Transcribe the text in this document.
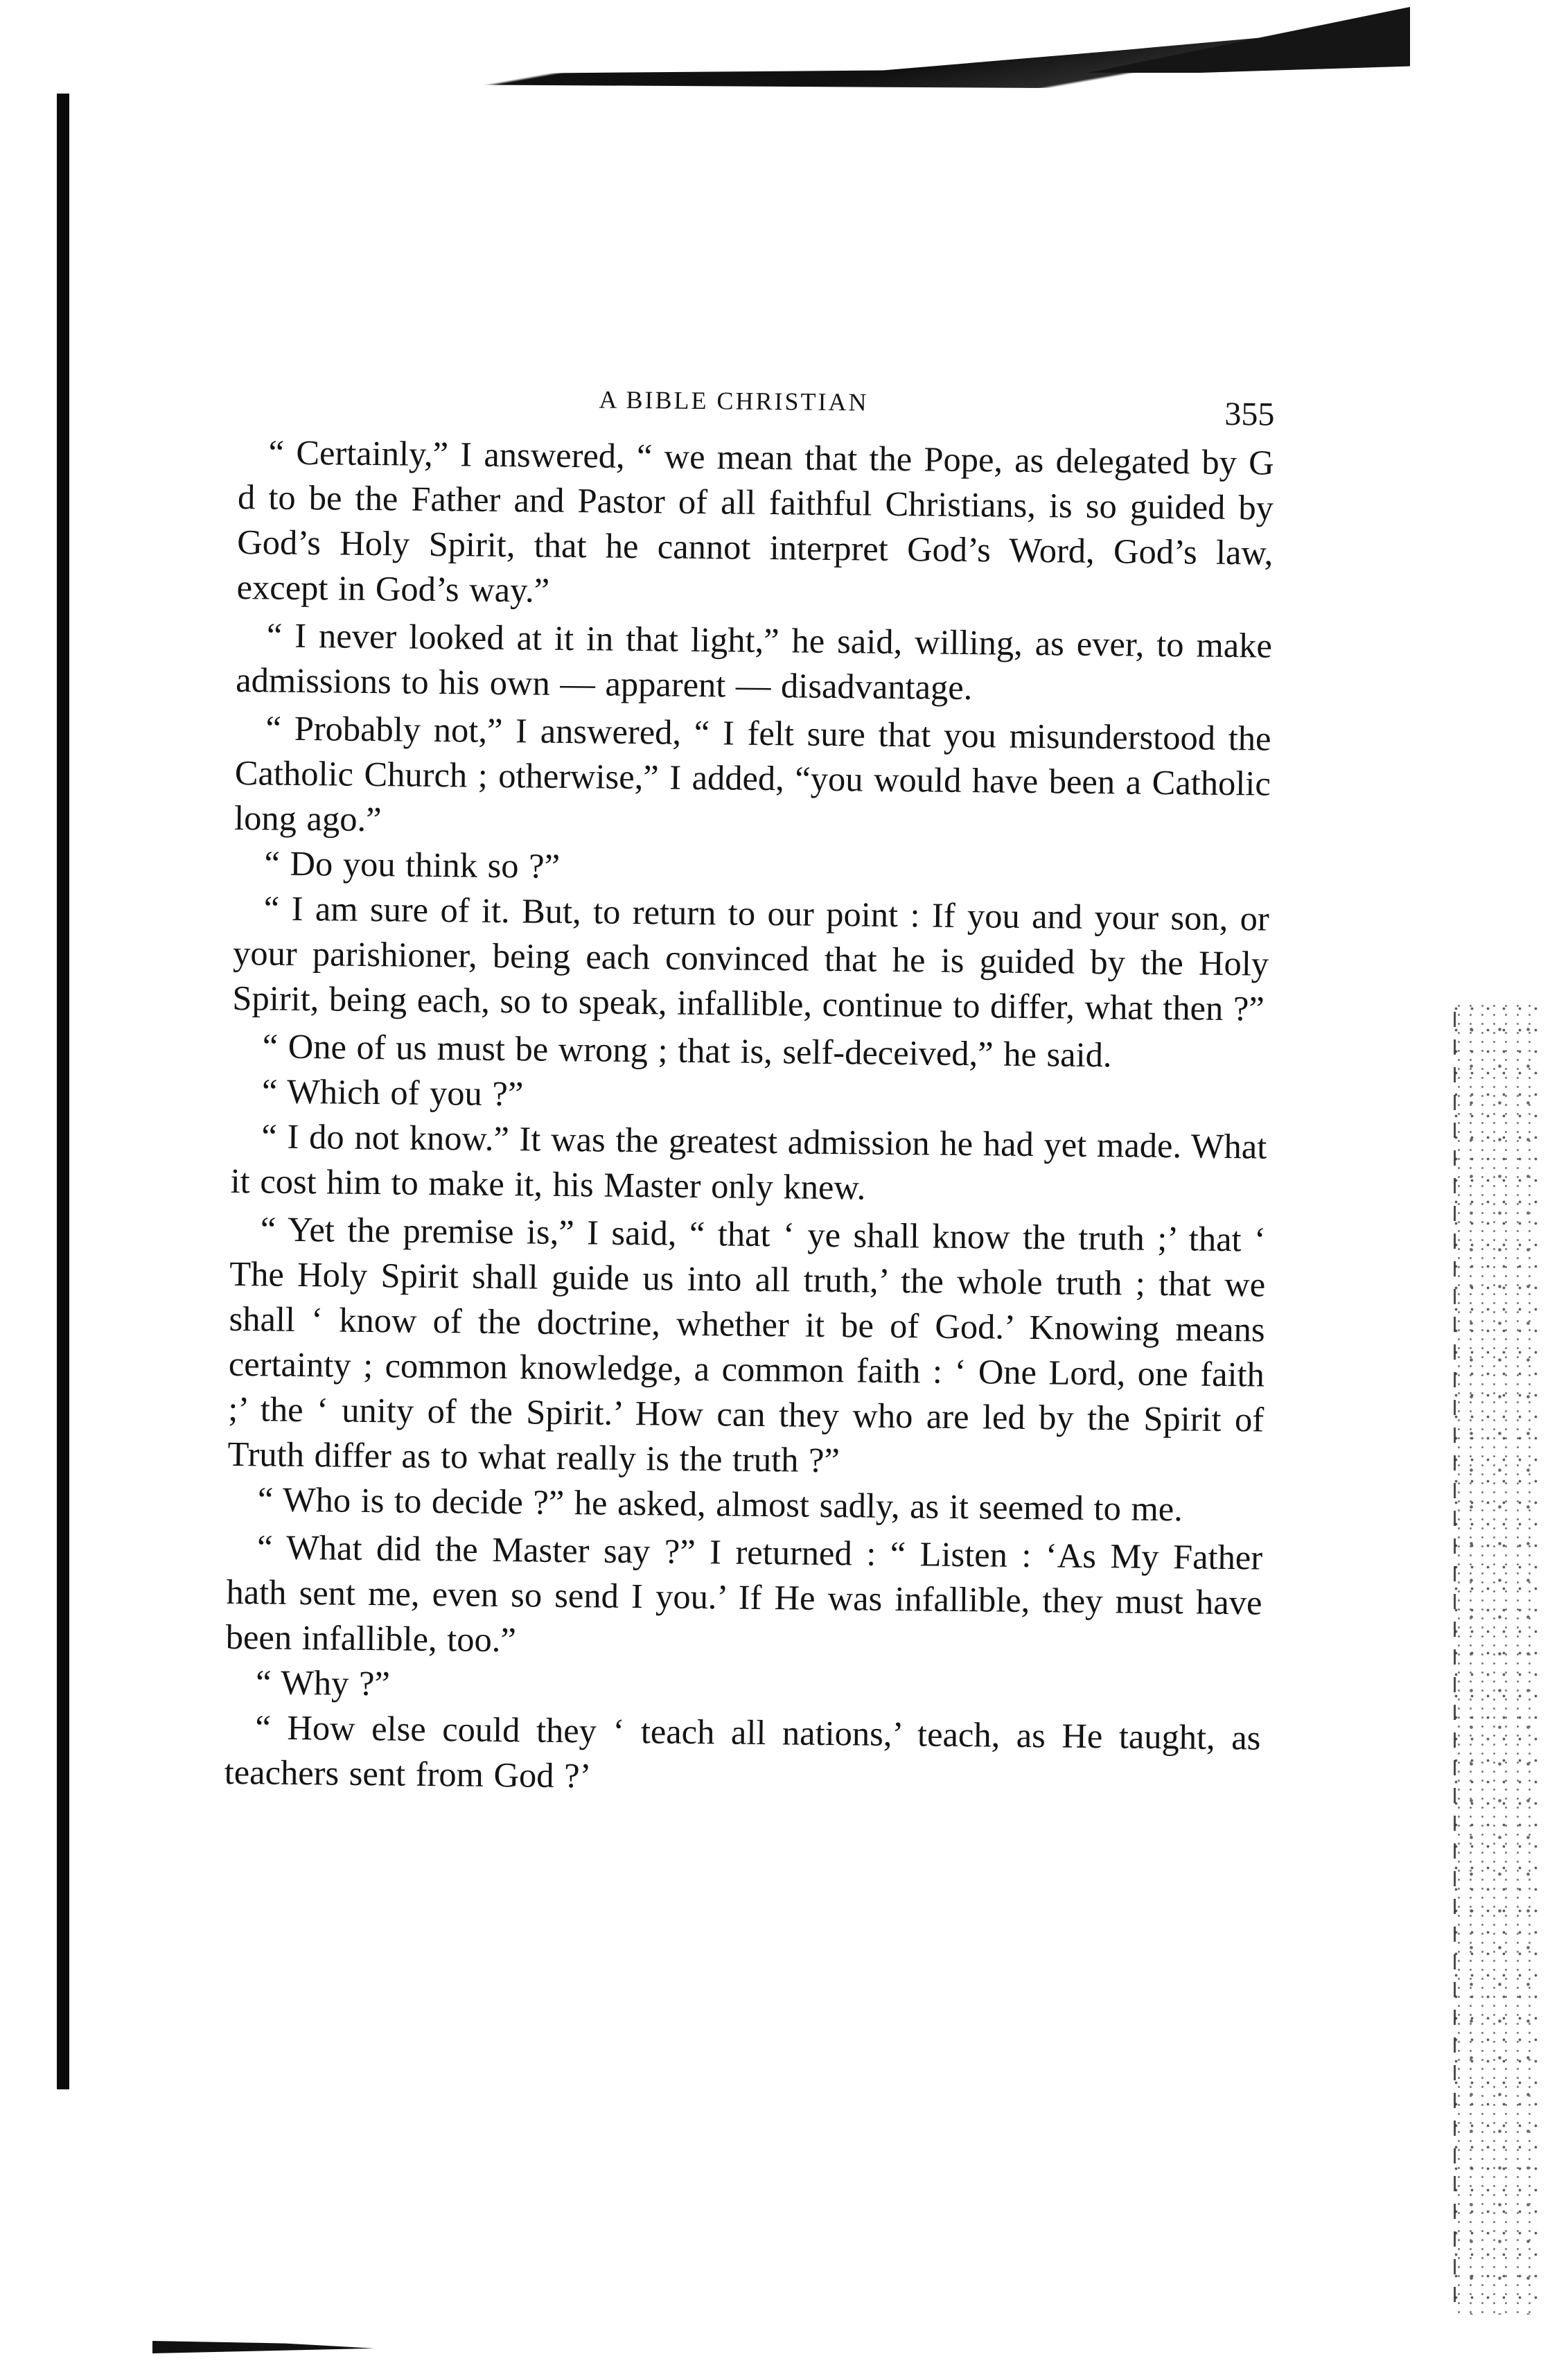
A BIBLE CHRISTIAN	355

“ Certainly,” I answered, “ we mean that the Pope, as delegated by G d to be the Father and Pastor of all faithful Christians, is so guided by God’s Holy Spirit, that he cannot interpret God’s Word, God’s law, except in God’s way.”

“ I never looked at it in that light,” he said, willing, as ever, to make admissions to his own — apparent — disadvantage.

“ Probably not,” I answered, “ I felt sure that you misunderstood the Catholic Church ; otherwise,” I added, “you would have been a Catholic long ago.”

“ Do you think so ?”

“ I am sure of it. But, to return to our point : If you and your son, or your parishioner, being each convinced that he is guided by the Holy Spirit, being each, so to speak, infallible, continue to differ, what then ?”

“ One of us must be wrong ; that is, self-deceived,” he said.

“ Which of you ?”

“ I do not know.” It was the greatest admission he had yet made. What it cost him to make it, his Master only knew.

“ Yet the premise is,” I said, “ that ‘ ye shall know the truth ;’ that ‘ The Holy Spirit shall guide us into all truth,’ the whole truth ; that we shall ‘ know of the doctrine, whether it be of God.’ Knowing means certainty ; common knowledge, a common faith : ‘ One Lord, one faith ;’ the ‘ unity of the Spirit.’ How can they who are led by the Spirit of Truth differ as to what really is the truth ?”

“ Who is to decide ?” he asked, almost sadly, as it seemed to me.

“ What did the Master say ?” I returned : “ Listen : ‘As My Father hath sent me, even so send I you.’ If He was infallible, they must have been infallible, too.”

“ Why ?”

“ How else could they ‘ teach all nations,’ teach, as He taught, as teachers sent from God ?’
